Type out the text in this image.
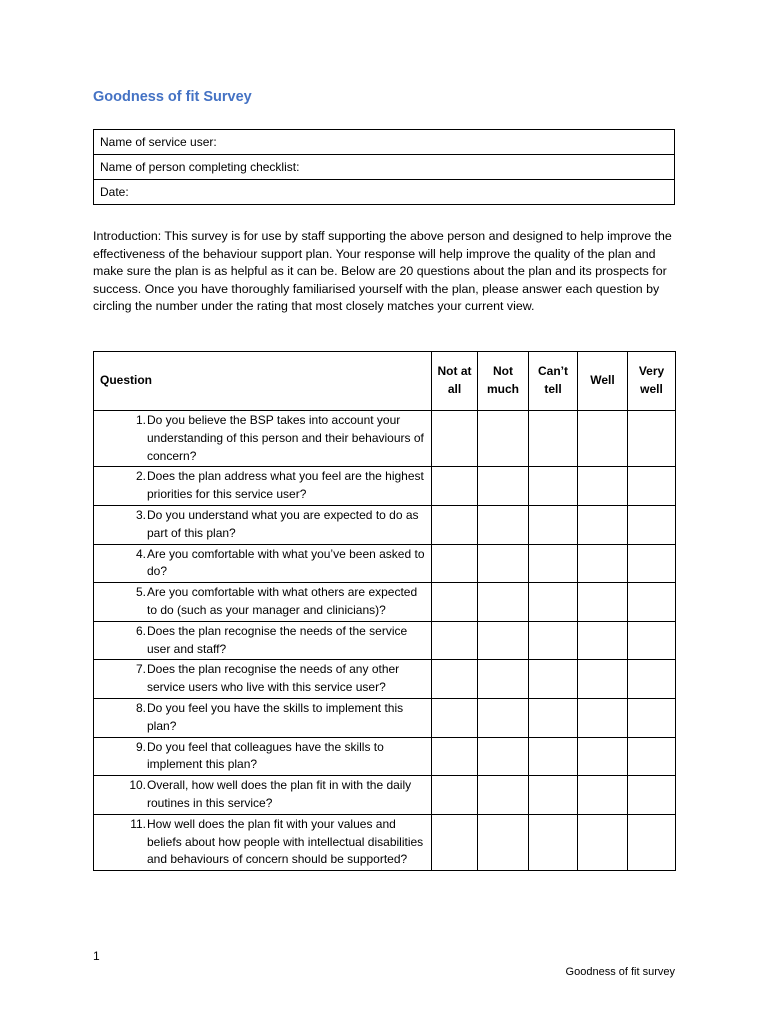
Goodness of fit Survey
Name of service user:
Name of person completing checklist:
Date:
Introduction: This survey is for use by staff supporting the above person and designed to help improve the effectiveness of the behaviour support plan. Your response will help improve the quality of the plan and make sure the plan is as helpful as it can be. Below are 20 questions about the plan and its prospects for success. Once you have thoroughly familiarised yourself with the plan, please answer each question by circling the number under the rating that most closely matches your current view.
Question	Not at all	Not much	Can’t tell	Well	Very well

1. Do you believe the BSP takes into account your understanding of this person and their behaviours of concern?					

2. Does the plan address what you feel are the highest priorities for this service user?					

3. Do you understand what you are expected to do as part of this plan?					

4. Are you comfortable with what you’ve been asked to do?					

5. Are you comfortable with what others are expected to do (such as your manager and clinicians)?					

6. Does the plan recognise the needs of the service user and staff?					

7. Does the plan recognise the needs of any other service users who live with this service user?					

8. Do you feel you have the skills to implement this plan?					

9. Do you feel that colleagues have the skills to implement this plan?					

10. Overall, how well does the plan fit in with the daily routines in this service?					

11. How well does the plan fit with your values and beliefs about how people with intellectual disabilities and behaviours of concern should be supported?					

1
Goodness of fit survey
